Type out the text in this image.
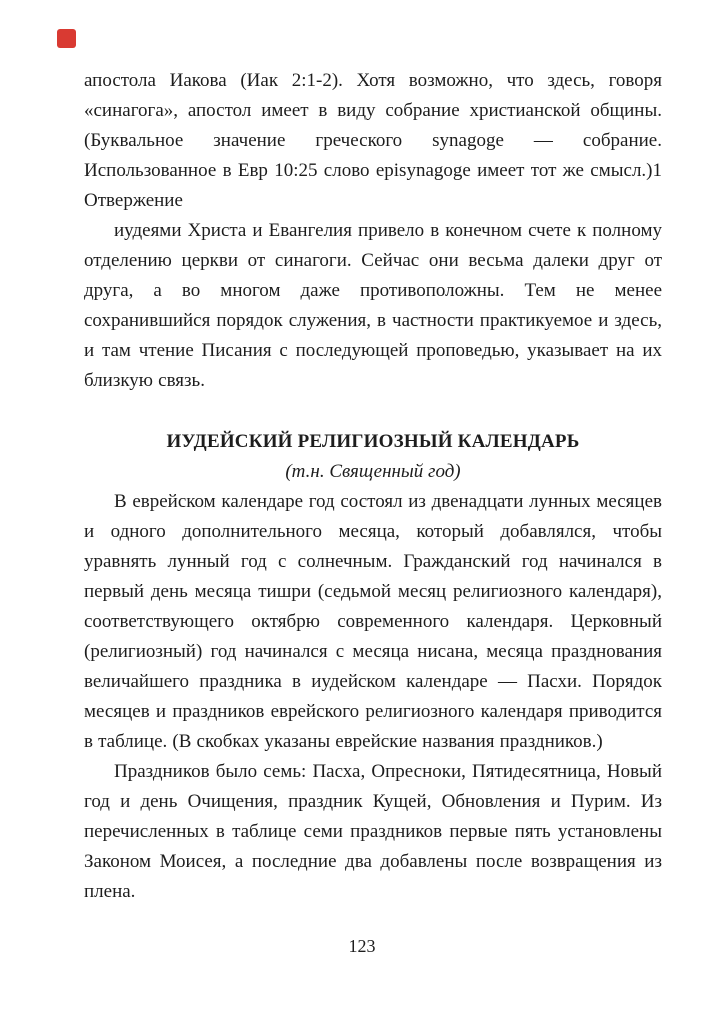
апостола Иакова (Иак 2:1-2). Хотя возможно, что здесь, говоря «синагога», апостол имеет в виду собрание христианской общины. (Буквальное значение греческого synagoge — собрание. Использованное в Евр 10:25 слово episynagoge имеет тот же смысл.)1 Отвержение

иудеями Христа и Евангелия привело в конечном счете к полному отделению церкви от синагоги. Сейчас они весьма далеки друг от друга, а во многом даже противоположны. Тем не менее сохранившийся порядок служения, в частности практикуемое и здесь, и там чтение Писания с последующей проповедью, указывает на их близкую связь.

ИУДЕЙСКИЙ РЕЛИГИОЗНЫЙ КАЛЕНДАРЬ

(т.н. Священный год)

В еврейском календаре год состоял из двенадцати лунных месяцев и одного дополнительного месяца, который добавлялся, чтобы уравнять лунный год с солнечным. Гражданский год начинался в первый день месяца тишри (седьмой месяц религиозного календаря), соответствующего октябрю современного календаря. Церковный (религиозный) год начинался с месяца нисана, месяца празднования величайшего праздника в иудейском календаре — Пасхи. Порядок месяцев и праздников еврейского религиозного календаря приводится в таблице. (В скобках указаны еврейские названия праздников.)

Праздников было семь: Пасха, Опресноки, Пятидесятница, Новый год и день Очищения, праздник Кущей, Обновления и Пурим. Из перечисленных в таблице семи праздников первые пять установлены Законом Моисея, а последние два добавлены после возвращения из плена.

123
